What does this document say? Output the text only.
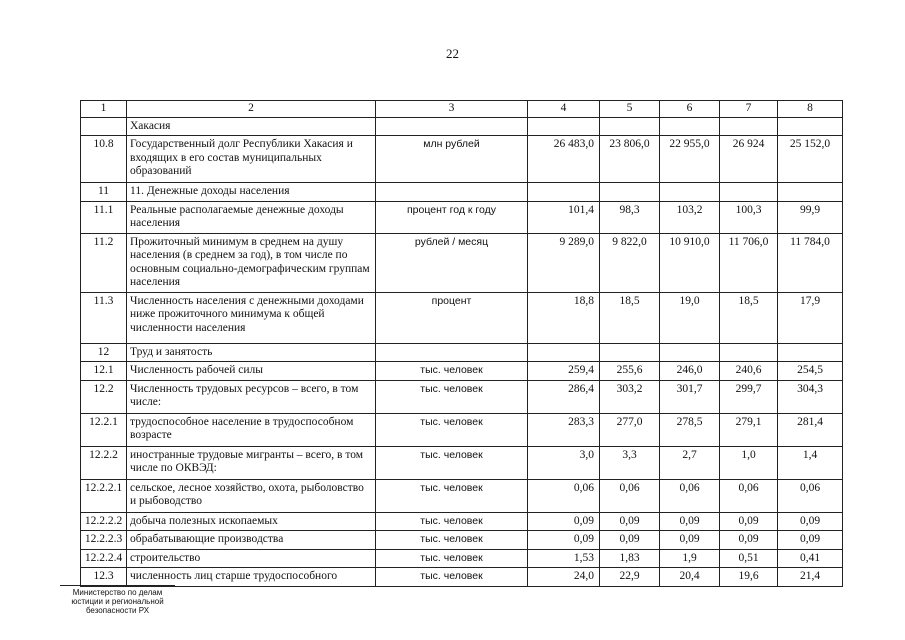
22
1	2	3	4	5	6	7	8
	Хакасия						
10.8	Государственный долг Республики Хакасия и входящих в его состав муниципальных образований	млн рублей	26 483,0	23 806,0	22 955,0	26 924	25 152,0
11	11. Денежные доходы населения						
11.1	Реальные располагаемые денежные доходы населения	процент год к году	101,4	98,3	103,2	100,3	99,9
11.2	Прожиточный минимум в среднем на душу населения (в среднем за год), в том числе по основным социально-демографическим группам населения	рублей / месяц	9 289,0	9 822,0	10 910,0	11 706,0	11 784,0
11.3	Численность населения с денежными доходами ниже прожиточного минимума к общей численности населения	процент	18,8	18,5	19,0	18,5	17,9
12	Труд и занятость						
12.1	Численность рабочей силы	тыс. человек	259,4	255,6	246,0	240,6	254,5
12.2	Численность трудовых ресурсов – всего, в том числе:	тыс. человек	286,4	303,2	301,7	299,7	304,3
12.2.1	трудоспособное население в трудоспособном возрасте	тыс. человек	283,3	277,0	278,5	279,1	281,4
12.2.2	иностранные трудовые мигранты – всего, в том числе по ОКВЭД:	тыс. человек	3,0	3,3	2,7	1,0	1,4
12.2.2.1	сельское, лесное хозяйство, охота, рыболовство и рыбоводство	тыс. человек	0,06	0,06	0,06	0,06	0,06
12.2.2.2	добыча полезных ископаемых	тыс. человек	0,09	0,09	0,09	0,09	0,09
12.2.2.3	обрабатывающие производства	тыс. человек	0,09	0,09	0,09	0,09	0,09
12.2.2.4	строительство	тыс. человек	1,53	1,83	1,9	0,51	0,41
12.3	численность лиц старше трудоспособного	тыс. человек	24,0	22,9	20,4	19,6	21,4
Министерство по делам
юстиции и региональной
безопасности РХ
